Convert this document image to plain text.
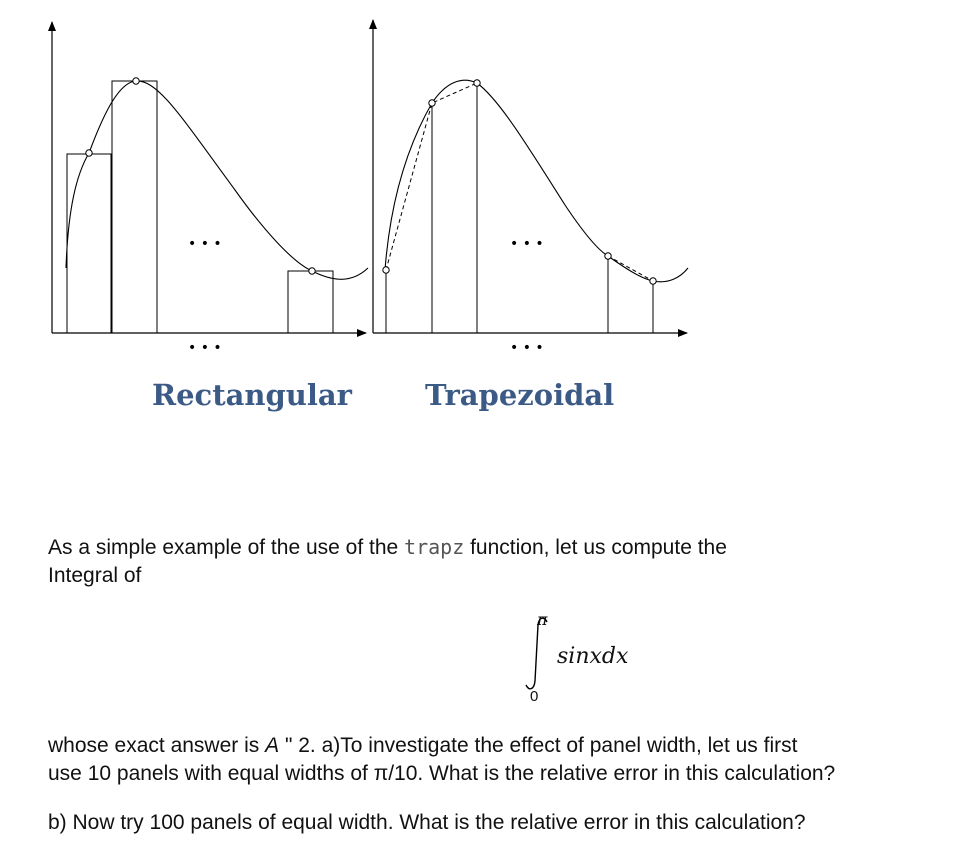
• • •
• • •
• • •
• • •
Rectangular	Trapezoidal
As a simple example of the use of the trapz function, let us compute the
Integral of
π
0
sinxdx
whose exact answer is A " 2. a)To investigate the effect of panel width, let us first
use 10 panels with equal widths of π/10. What is the relative error in this calculation?
b) Now try 100 panels of equal width. What is the relative error in this calculation?
